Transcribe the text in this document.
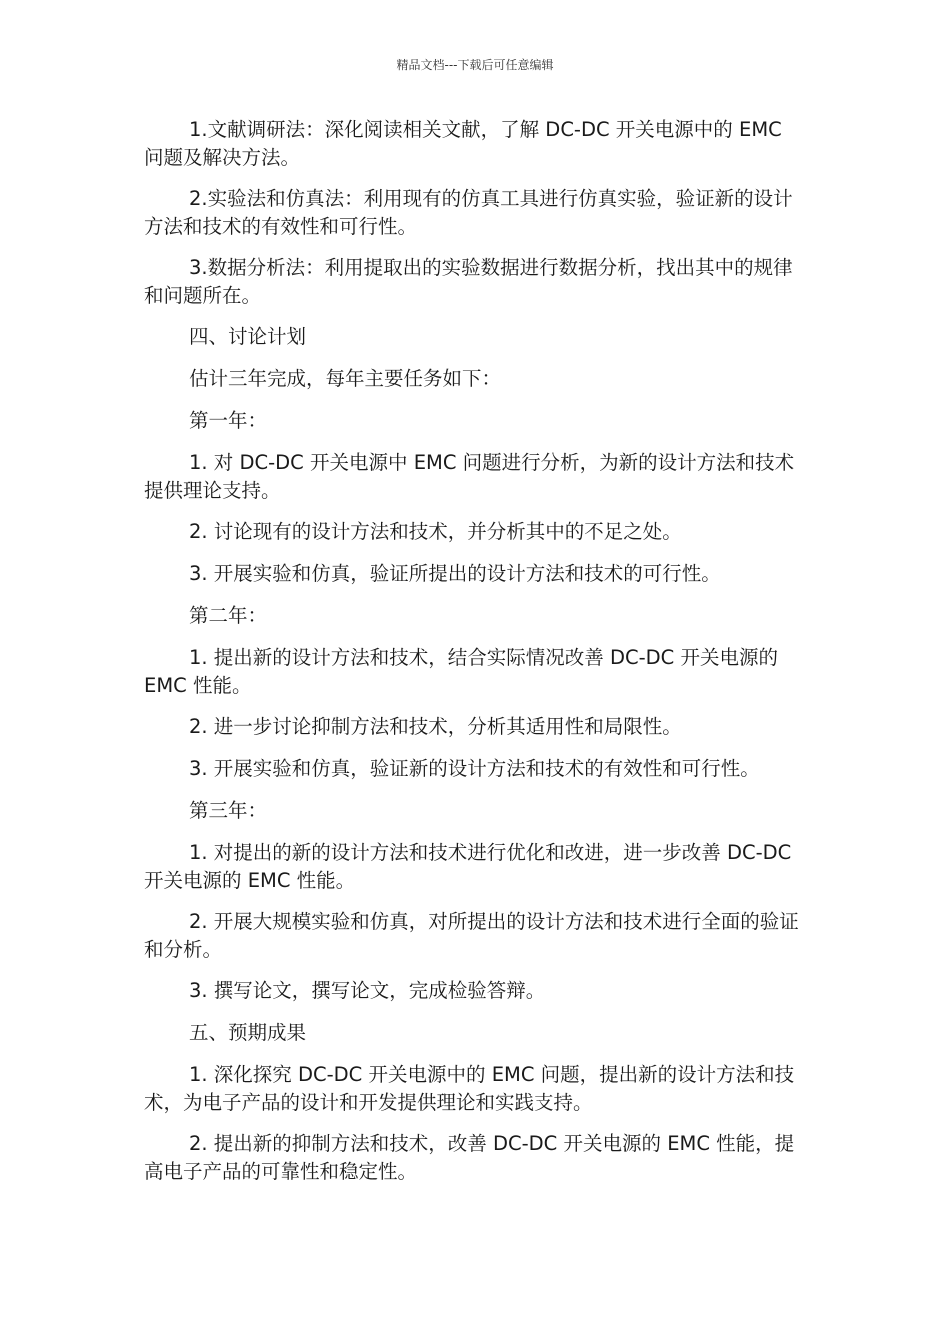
精品文档---下载后可任意编辑

1.文献调研法：深化阅读相关文献，了解 DC-DC 开关电源中的 EMC 问题及解决方法。

2.实验法和仿真法：利用现有的仿真工具进行仿真实验，验证新的设计方法和技术的有效性和可行性。

3.数据分析法：利用提取出的实验数据进行数据分析，找出其中的规律和问题所在。

四、讨论计划

估计三年完成，每年主要任务如下：

第一年：

1. 对 DC-DC 开关电源中 EMC 问题进行分析，为新的设计方法和技术提供理论支持。

2. 讨论现有的设计方法和技术，并分析其中的不足之处。

3. 开展实验和仿真，验证所提出的设计方法和技术的可行性。

第二年：

1. 提出新的设计方法和技术，结合实际情况改善 DC-DC 开关电源的 EMC 性能。

2. 进一步讨论抑制方法和技术，分析其适用性和局限性。

3. 开展实验和仿真，验证新的设计方法和技术的有效性和可行性。

第三年：

1. 对提出的新的设计方法和技术进行优化和改进，进一步改善 DC-DC 开关电源的 EMC 性能。

2. 开展大规模实验和仿真，对所提出的设计方法和技术进行全面的验证和分析。

3. 撰写论文，撰写论文，完成检验答辩。

五、预期成果

1. 深化探究 DC-DC 开关电源中的 EMC 问题，提出新的设计方法和技术，为电子产品的设计和开发提供理论和实践支持。

2. 提出新的抑制方法和技术，改善 DC-DC 开关电源的 EMC 性能，提高电子产品的可靠性和稳定性。
